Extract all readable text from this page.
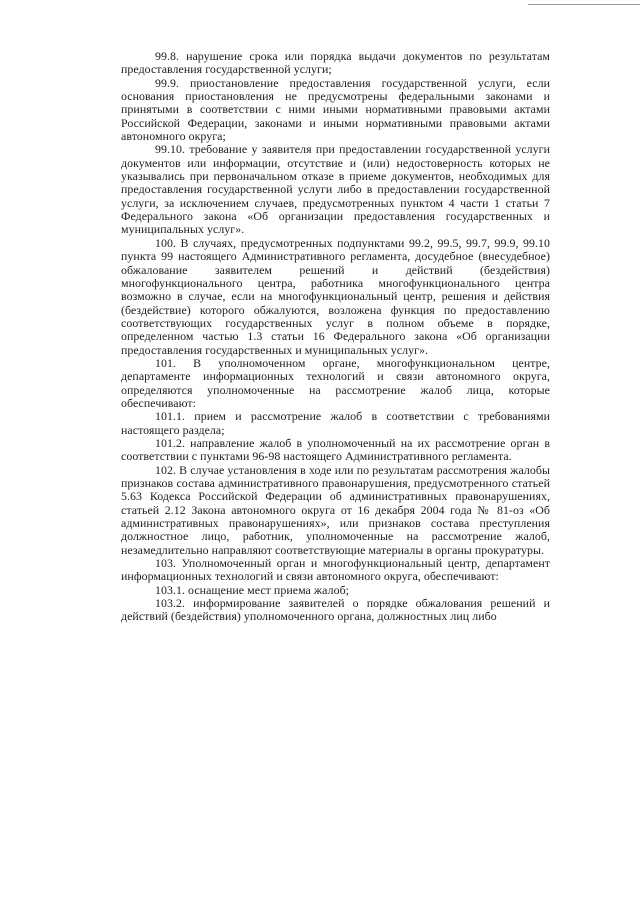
99.8. нарушение срока или порядка выдачи документов по результатам предоставления государственной услуги;

99.9. приостановление предоставления государственной услуги, если основания приостановления не предусмотрены федеральными законами и принятыми в соответствии с ними иными нормативными правовыми актами Российской Федерации, законами и иными нормативными правовыми актами автономного округа;

99.10. требование у заявителя при предоставлении государственной услуги документов или информации, отсутствие и (или) недостоверность которых не указывались при первоначальном отказе в приеме документов, необходимых для предоставления государственной услуги либо в предоставлении государственной услуги, за исключением случаев, предусмотренных пунктом 4 части 1 статьи 7 Федерального закона «Об организации предоставления государственных и муниципальных услуг».

100. В случаях, предусмотренных подпунктами 99.2, 99.5, 99.7, 99.9, 99.10 пункта 99 настоящего Административного регламента, досудебное (внесудебное) обжалование заявителем решений и действий (бездействия) многофункционального центра, работника многофункционального центра возможно в случае, если на многофункциональный центр, решения и действия (бездействие) которого обжалуются, возложена функция по предоставлению соответствующих государственных услуг в полном объеме в порядке, определенном частью 1.3 статьи 16 Федерального закона «Об организации предоставления государственных и муниципальных услуг».

101. В уполномоченном органе, многофункциональном центре, департаменте информационных технологий и связи автономного округа, определяются уполномоченные на рассмотрение жалоб лица, которые обеспечивают:

101.1. прием и рассмотрение жалоб в соответствии с требованиями настоящего раздела;

101.2. направление жалоб в уполномоченный на их рассмотрение орган в соответствии с пунктами 96-98 настоящего Административного регламента.

102. В случае установления в ходе или по результатам рассмотрения жалобы признаков состава административного правонарушения, предусмотренного статьей 5.63 Кодекса Российской Федерации об административных правонарушениях, статьей 2.12 Закона автономного округа от 16 декабря 2004 года № 81-оз «Об административных правонарушениях», или признаков состава преступления должностное лицо, работник, уполномоченные на рассмотрение жалоб, незамедлительно направляют соответствующие материалы в органы прокуратуры.

103. Уполномоченный орган и многофункциональный центр, департамент информационных технологий и связи автономного округа, обеспечивают:

103.1. оснащение мест приема жалоб;

103.2. информирование заявителей о порядке обжалования решений и действий (бездействия) уполномоченного органа, должностных лиц либо
